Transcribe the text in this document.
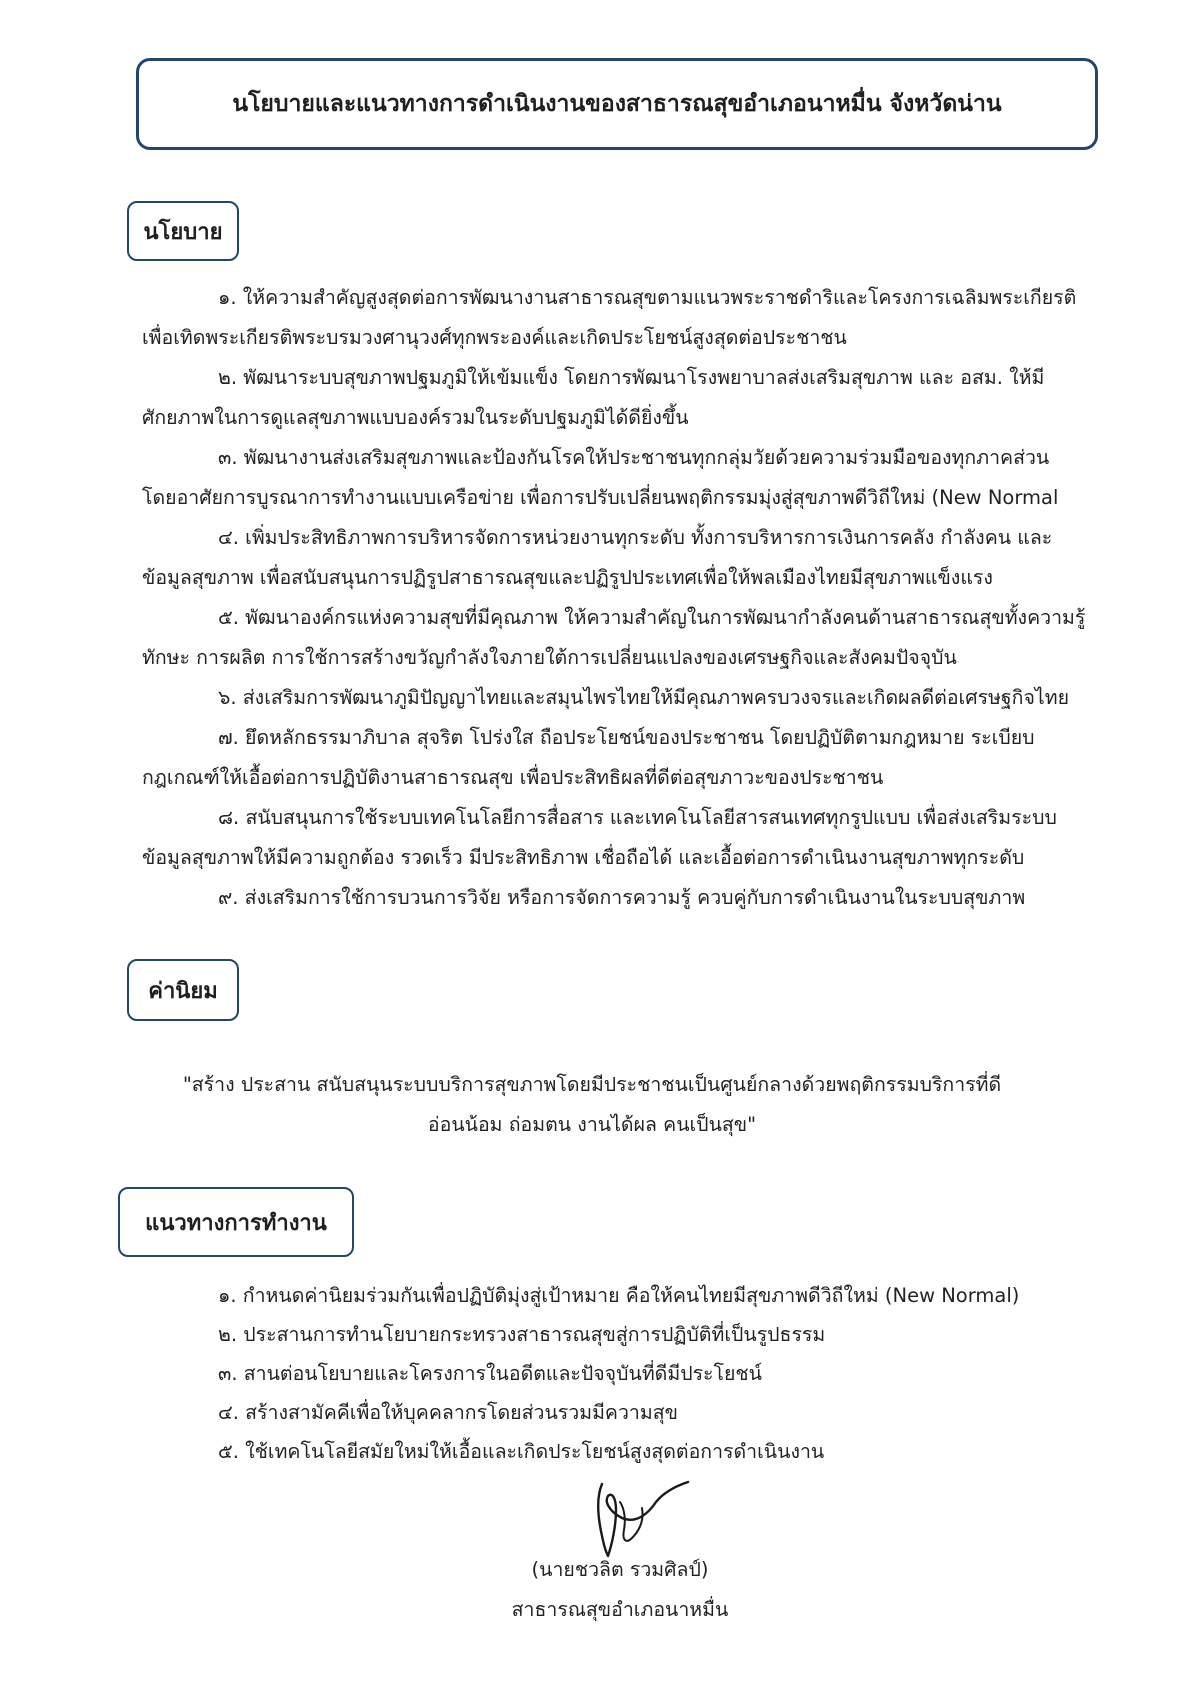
นโยบายและแนวทางการดำเนินงานของสาธารณสุขอำเภอนาหมื่น จังหวัดน่าน
นโยบาย
๑. ให้ความสำคัญสูงสุดต่อการพัฒนางานสาธารณสุขตามแนวพระราชดำริและโครงการเฉลิมพระเกียรติ
เพื่อเทิดพระเกียรติพระบรมวงศานุวงศ์ทุกพระองค์และเกิดประโยชน์สูงสุดต่อประชาชน
๒. พัฒนาระบบสุขภาพปฐมภูมิให้เข้มแข็ง โดยการพัฒนาโรงพยาบาลส่งเสริมสุขภาพ และ อสม. ให้มี
ศักยภาพในการดูแลสุขภาพแบบองค์รวมในระดับปฐมภูมิได้ดียิ่งขึ้น
๓. พัฒนางานส่งเสริมสุขภาพและป้องกันโรคให้ประชาชนทุกกลุ่มวัยด้วยความร่วมมือของทุกภาคส่วน
โดยอาศัยการบูรณาการทำงานแบบเครือข่าย เพื่อการปรับเปลี่ยนพฤติกรรมมุ่งสู่สุขภาพดีวิถีใหม่ (New Normal
๔. เพิ่มประสิทธิภาพการบริหารจัดการหน่วยงานทุกระดับ ทั้งการบริหารการเงินการคลัง กำลังคน และ
ข้อมูลสุขภาพ เพื่อสนับสนุนการปฏิรูปสาธารณสุขและปฏิรูปประเทศเพื่อให้พลเมืองไทยมีสุขภาพแข็งแรง
๕. พัฒนาองค์กรแห่งความสุขที่มีคุณภาพ ให้ความสำคัญในการพัฒนากำลังคนด้านสาธารณสุขทั้งความรู้
ทักษะ การผลิต การใช้การสร้างขวัญกำลังใจภายใต้การเปลี่ยนแปลงของเศรษฐกิจและสังคมปัจจุบัน
๖. ส่งเสริมการพัฒนาภูมิปัญญาไทยและสมุนไพรไทยให้มีคุณภาพครบวงจรและเกิดผลดีต่อเศรษฐกิจไทย
๗. ยึดหลักธรรมาภิบาล สุจริต โปร่งใส ถือประโยชน์ของประชาชน โดยปฏิบัติตามกฎหมาย ระเบียบ
กฎเกณฑ์ให้เอื้อต่อการปฏิบัติงานสาธารณสุข เพื่อประสิทธิผลที่ดีต่อสุขภาวะของประชาชน
๘. สนับสนุนการใช้ระบบเทคโนโลยีการสื่อสาร และเทคโนโลยีสารสนเทศทุกรูปแบบ เพื่อส่งเสริมระบบ
ข้อมูลสุขภาพให้มีความถูกต้อง รวดเร็ว มีประสิทธิภาพ เชื่อถือได้ และเอื้อต่อการดำเนินงานสุขภาพทุกระดับ
๙. ส่งเสริมการใช้การบวนการวิจัย หรือการจัดการความรู้ ควบคู่กับการดำเนินงานในระบบสุขภาพ
ค่านิยม
"สร้าง ประสาน สนับสนุนระบบบริการสุขภาพโดยมีประชาชนเป็นศูนย์กลางด้วยพฤติกรรมบริการที่ดี
อ่อนน้อม ถ่อมตน งานได้ผล คนเป็นสุข"
แนวทางการทำงาน
๑. กำหนดค่านิยมร่วมกันเพื่อปฏิบัติมุ่งสู่เป้าหมาย คือให้คนไทยมีสุขภาพดีวิถีใหม่ (New Normal)
๒. ประสานการทำนโยบายกระทรวงสาธารณสุขสู่การปฏิบัติที่เป็นรูปธรรม
๓. สานต่อนโยบายและโครงการในอดีตและปัจจุบันที่ดีมีประโยชน์
๔. สร้างสามัคคีเพื่อให้บุคคลากรโดยส่วนรวมมีความสุข
๕. ใช้เทคโนโลยีสมัยใหม่ให้เอื้อและเกิดประโยชน์สูงสุดต่อการดำเนินงาน
(นายชวลิต รวมศิลป์)
สาธารณสุขอำเภอนาหมื่น
